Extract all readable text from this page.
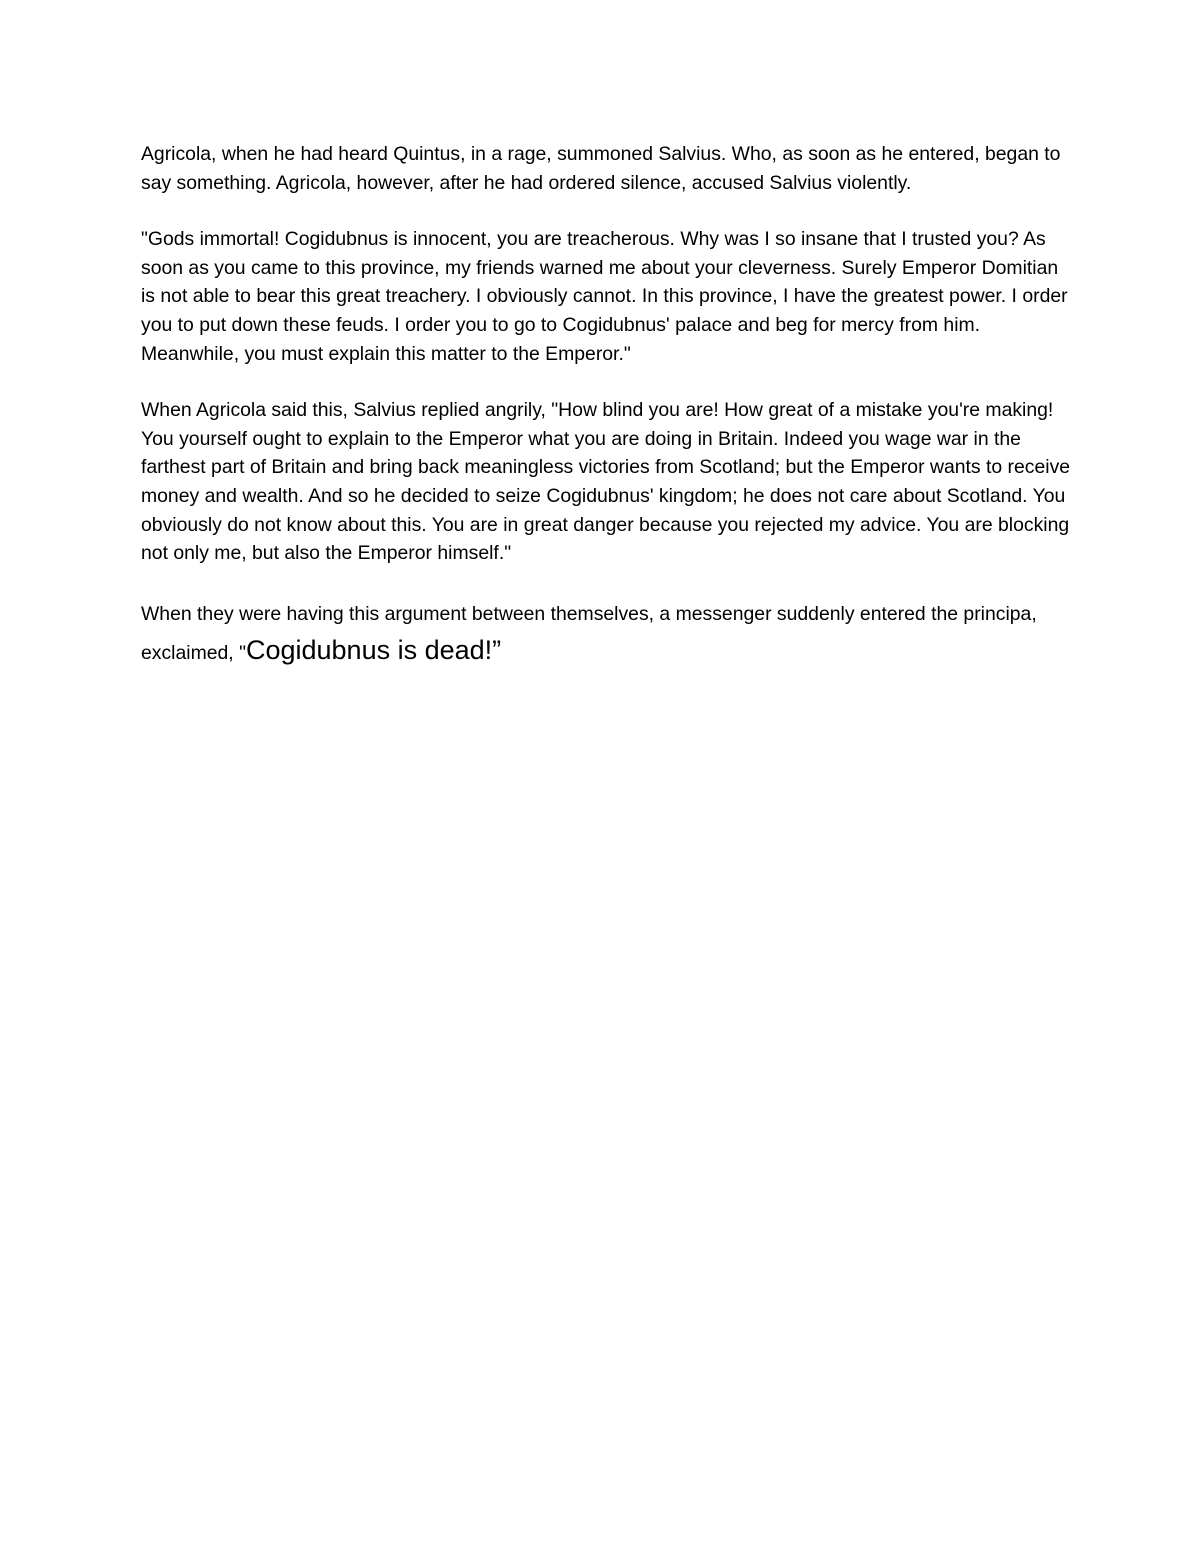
Agricola, when he had heard Quintus, in a rage, summoned Salvius. Who, as soon as he entered, began to say something. Agricola, however, after he had ordered silence, accused Salvius violently.

"Gods immortal! Cogidubnus is innocent, you are treacherous. Why was I so insane that I trusted you? As soon as you came to this province, my friends warned me about your cleverness. Surely Emperor Domitian is not able to bear this great treachery. I obviously cannot. In this province, I have the greatest power. I order you to put down these feuds. I order you to go to Cogidubnus' palace and beg for mercy from him. Meanwhile, you must explain this matter to the Emperor."

When Agricola said this, Salvius replied angrily, "How blind you are! How great of a mistake you're making! You yourself ought to explain to the Emperor what you are doing in Britain. Indeed you wage war in the farthest part of Britain and bring back meaningless victories from Scotland; but the Emperor wants to receive money and wealth. And so he decided to seize Cogidubnus' kingdom; he does not care about Scotland. You obviously do not know about this. You are in great danger because you rejected my advice. You are blocking not only me, but also the Emperor himself."

When they were having this argument between themselves, a messenger suddenly entered the principa, exclaimed, "Cogidubnus is dead!”
